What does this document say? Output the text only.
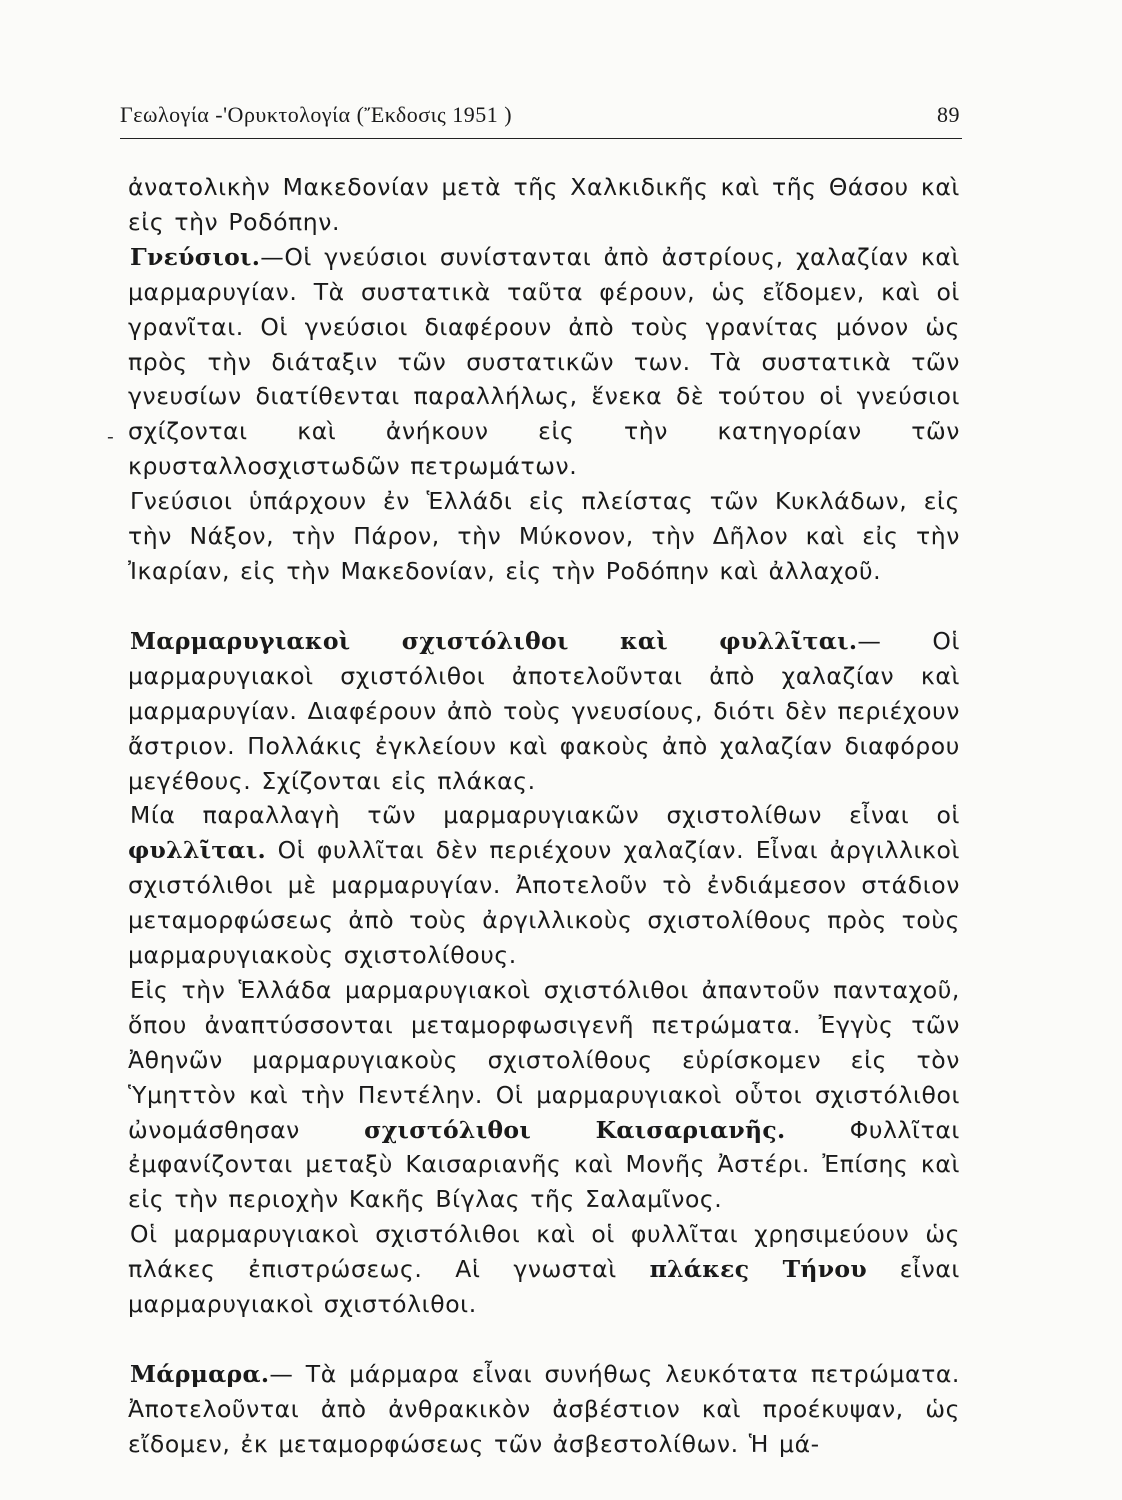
Γεωλογία -'Ορυκτολογία (Ἔκδοσις 1951 )	89
-

ἀνατολικὴν Μακεδονίαν μετὰ τῆς Χαλκιδικῆς καὶ τῆς Θάσου καὶ εἰς τὴν Ροδόπην.

Γνεύσιοι.—Οἱ γνεύσιοι συνίστανται ἀπὸ ἀστρίους, χαλαζίαν καὶ μαρμαρυγίαν. Τὰ συστατικὰ ταῦτα φέρουν, ὡς εἴδομεν, καὶ οἱ γρανῖται. Οἱ γνεύσιοι διαφέρουν ἀπὸ τοὺς γρανίτας μόνον ὡς πρὸς τὴν διάταξιν τῶν συστατικῶν των. Τὰ συστατικὰ τῶν γνευσίων διατίθενται παραλλήλως, ἕνεκα δὲ τούτου οἱ γνεύσιοι σχίζονται καὶ ἀνήκουν εἰς τὴν κατηγορίαν τῶν κρυσταλλοσχιστωδῶν πετρωμάτων.

Γνεύσιοι ὑπάρχουν ἐν Ἑλλάδι εἰς πλείστας τῶν Κυκλάδων, εἰς τὴν Νάξον, τὴν Πάρον, τὴν Μύκονον, τὴν Δῆλον καὶ εἰς τὴν Ἰκαρίαν, εἰς τὴν Μακεδονίαν, εἰς τὴν Ροδόπην καὶ ἀλλαχοῦ.

Μαρμαρυγιακοὶ σχιστόλιθοι καὶ φυλλῖται.— Οἱ μαρμαρυγιακοὶ σχιστόλιθοι ἀποτελοῦνται ἀπὸ χαλαζίαν καὶ μαρμαρυγίαν. Διαφέρουν ἀπὸ τοὺς γνευσίους, διότι δὲν περιέχουν ἄστριον. Πολλάκις ἐγκλείουν καὶ φακοὺς ἀπὸ χαλαζίαν διαφόρου μεγέθους. Σχίζονται εἰς πλάκας.

Μία παραλλαγὴ τῶν μαρμαρυγιακῶν σχιστολίθων εἶναι οἱ φυλλῖται. Οἱ φυλλῖται δὲν περιέχουν χαλαζίαν. Εἶναι ἀργιλλικοὶ σχιστόλιθοι μὲ μαρμαρυγίαν. Ἀποτελοῦν τὸ ἐνδιάμεσον στάδιον μεταμορφώσεως ἀπὸ τοὺς ἀργιλλικοὺς σχιστολίθους πρὸς τοὺς μαρμαρυγιακοὺς σχιστολίθους.

Εἰς τὴν Ἑλλάδα μαρμαρυγιακοὶ σχιστόλιθοι ἀπαντοῦν πανταχοῦ, ὅπου ἀναπτύσσονται μεταμορφωσιγενῆ πετρώματα. Ἐγγὺς τῶν Ἀθηνῶν μαρμαρυγιακοὺς σχιστολίθους εὑρίσκομεν εἰς τὸν Ὑμηττὸν καὶ τὴν Πεντέλην. Οἱ μαρμαρυγιακοὶ οὗτοι σχιστόλιθοι ὠνομάσθησαν	σχιστόλιθοι Καισαριανῆς. Φυλλῖται ἐμφανίζονται μεταξὺ Καισαριανῆς καὶ Μονῆς Ἀστέρι. Ἐπίσης καὶ εἰς τὴν περιοχὴν Κακῆς Βίγλας τῆς Σαλαμῖνος.

Οἱ μαρμαρυγιακοὶ σχιστόλιθοι καὶ οἱ φυλλῖται χρησιμεύουν ὡς πλάκες ἐπιστρώσεως. Αἱ γνωσταὶ πλάκες Τήνου εἶναι μαρμαρυγιακοὶ σχιστόλιθοι.

Μάρμαρα.— Τὰ μάρμαρα εἶναι συνήθως λευκότατα πετρώματα. Ἀποτελοῦνται ἀπὸ ἀνθρακικὸν ἀσβέστιον καὶ προέκυψαν, ὡς εἴδομεν, ἐκ μεταμορφώσεως τῶν ἀσβεστολίθων. Ἡ μά-
